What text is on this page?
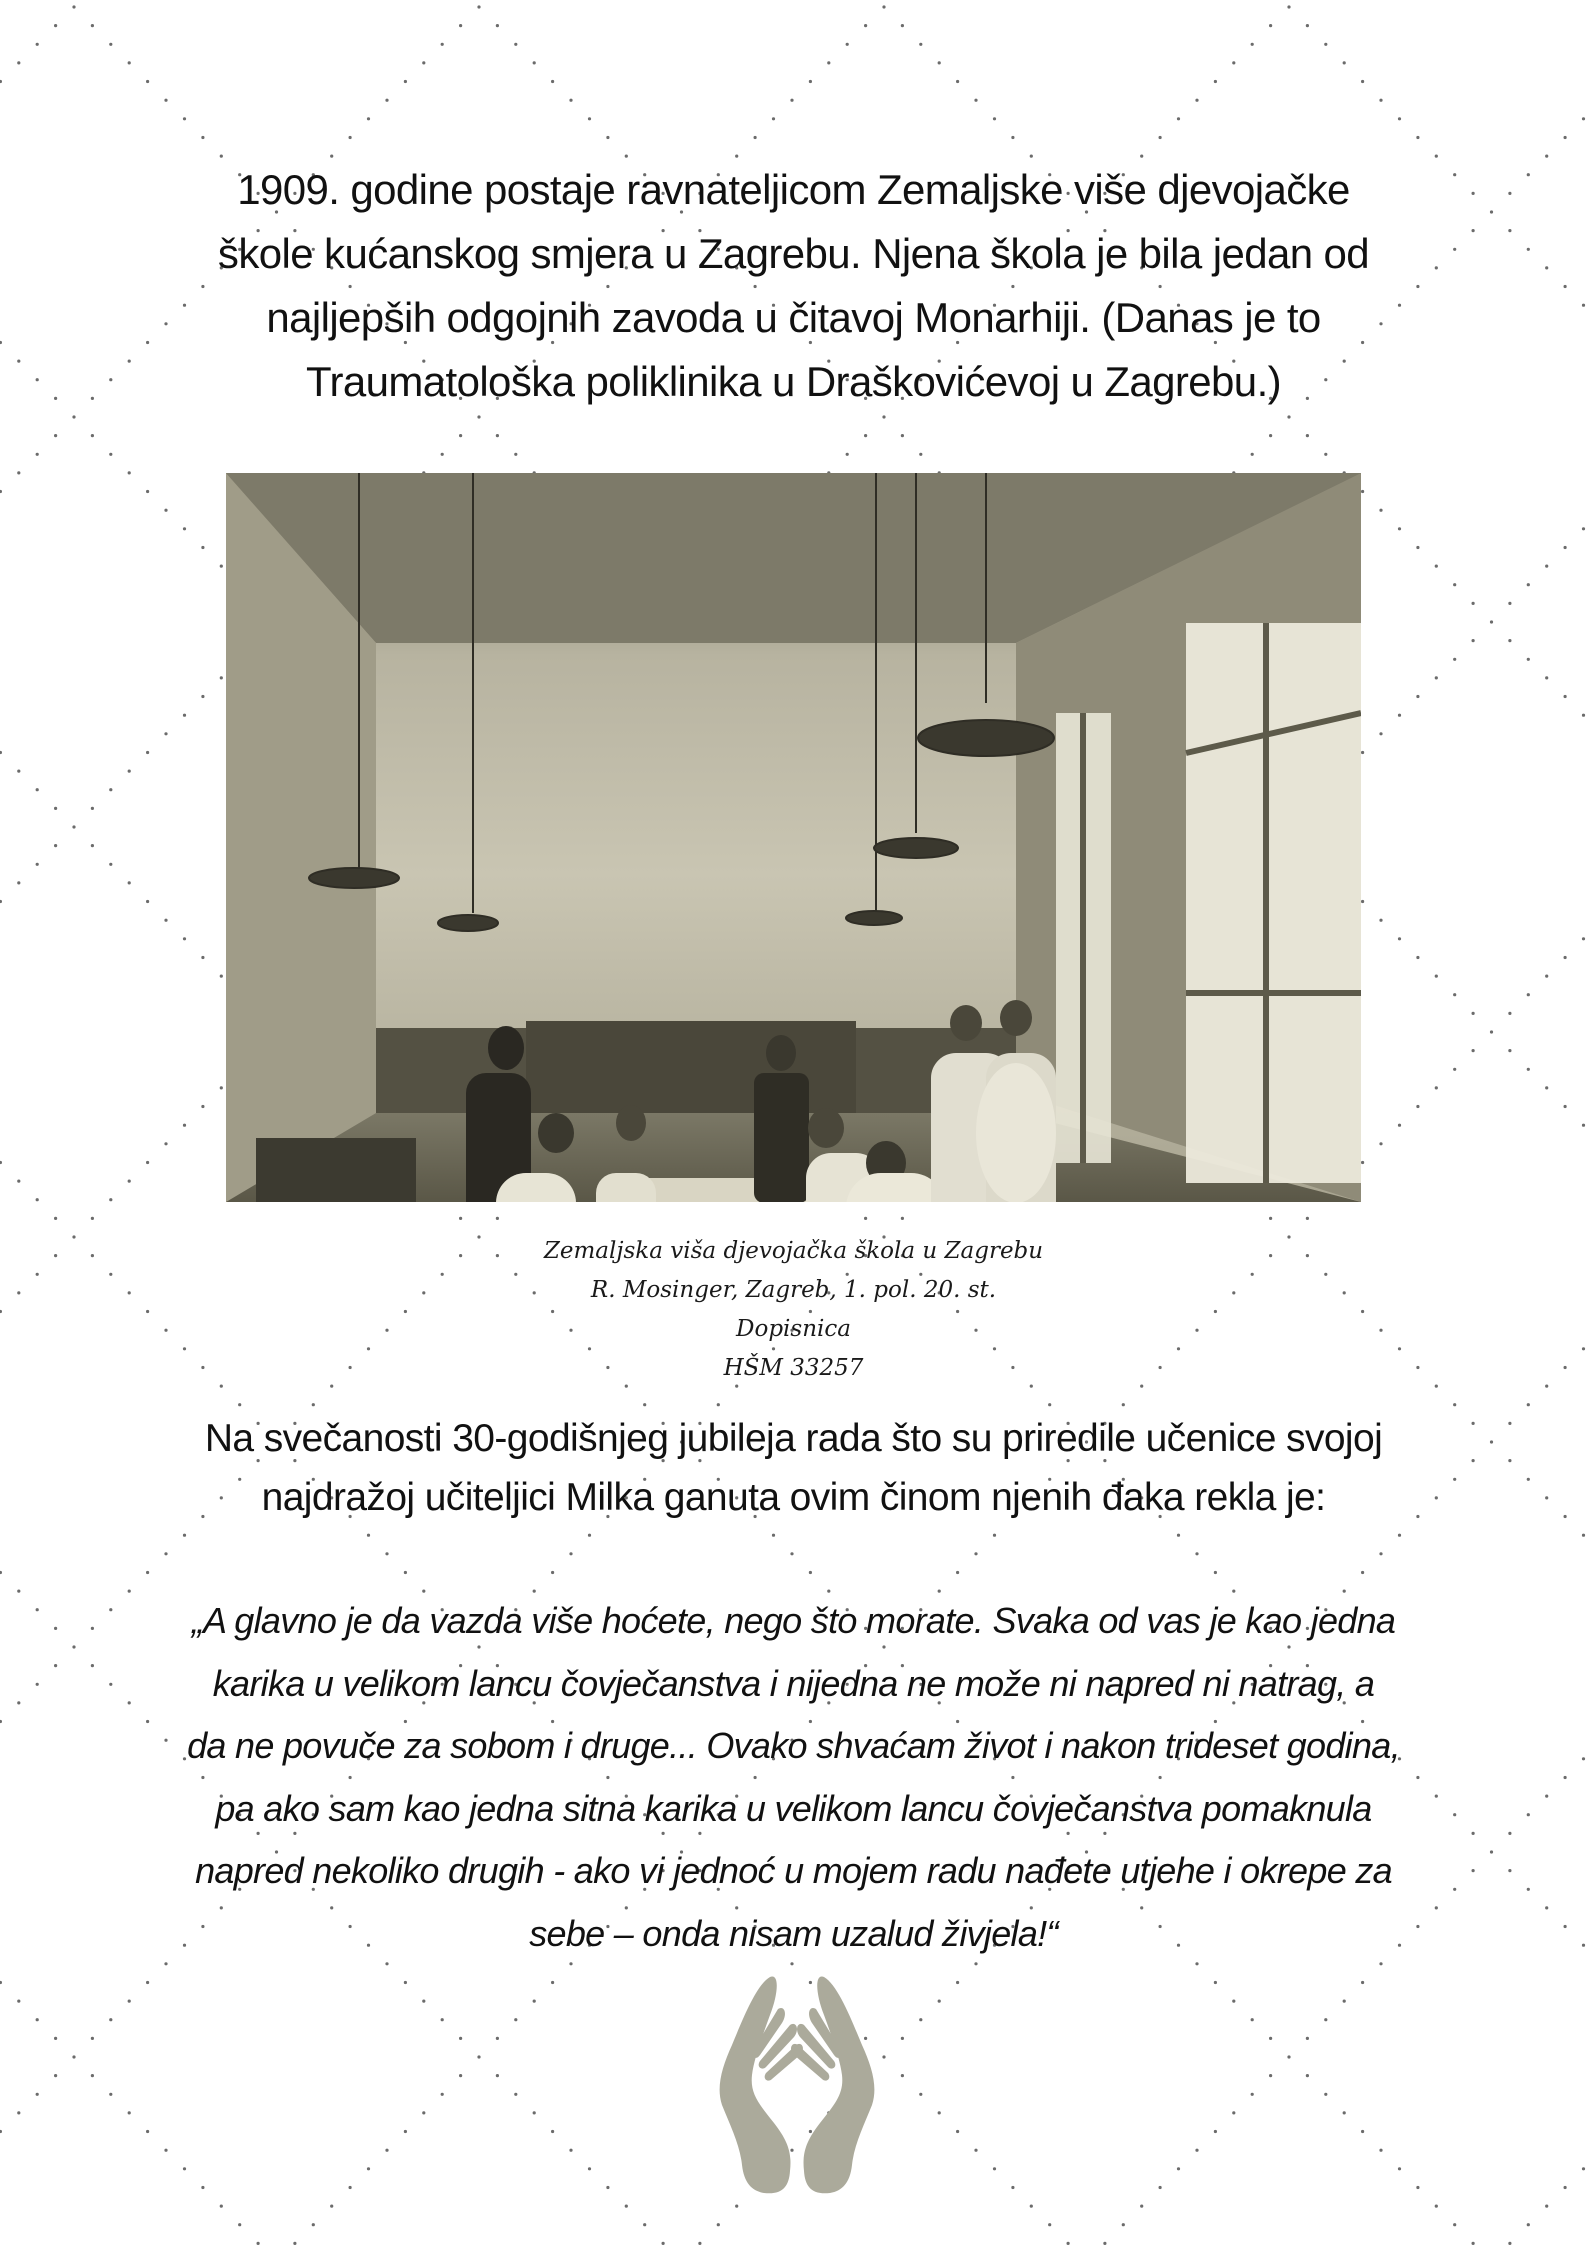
1909. godine postaje ravnateljicom Zemaljske više djevojačke
škole kućanskog smjera u Zagrebu. Njena škola je bila jedan od
najljepših odgojnih zavoda u čitavoj Monarhiji. (Danas je to
Traumatološka poliklinika u Draškovićevoj u Zagrebu.)
Zemaljska viša djevojačka škola u Zagrebu
R. Mosinger, Zagreb, 1. pol. 20. st.
Dopisnica
HŠM 33257
Na svečanosti 30-godišnjeg jubileja rada što su priredile učenice svojoj
najdražoj učiteljici Milka ganuta ovim činom njenih đaka rekla je:
„A glavno je da vazda više hoćete, nego što morate. Svaka od vas je kao jedna
karika u velikom lancu čovječanstva i nijedna ne može ni napred ni natrag, a
da ne povuče za sobom i druge... Ovako shvaćam život i nakon trideset godina,
pa ako sam kao jedna sitna karika u velikom lancu čovječanstva pomaknula
napred nekoliko drugih - ako vi jednoć u mojem radu nađete utjehe i okrepe za
sebe – onda nisam uzalud živjela!“
